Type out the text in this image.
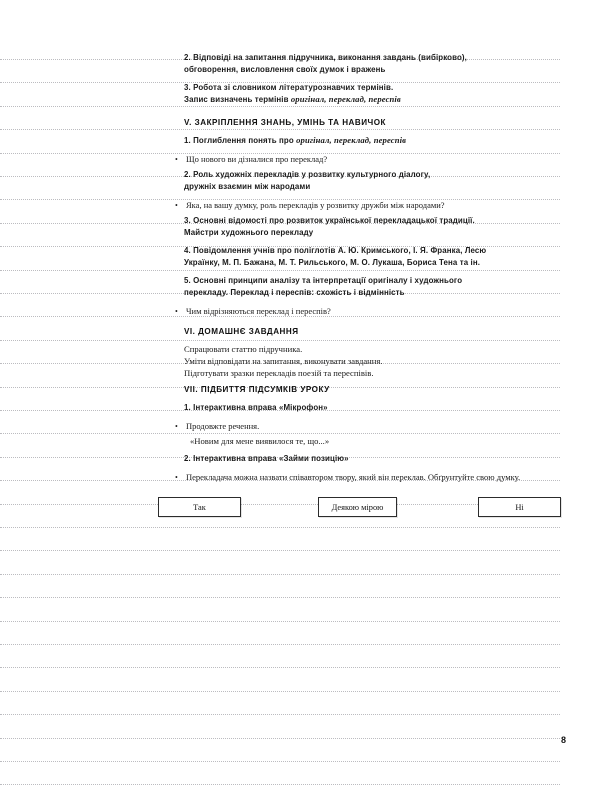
2. Відповіді на запитання підручника, виконання завдань (вибірково),
обговорення, висловлення своїх думок і вражень
3. Робота зі словником літературознавчих термінів.
Запис визначень термінів оригінал, переклад, переспів
V. ЗАКРІПЛЕННЯ ЗНАНЬ, УМІНЬ ТА НАВИЧОК
1. Поглиблення понять про оригінал, переклад, переспів
• Що нового ви дізналися про переклад?
2. Роль художніх перекладів у розвитку культурного діалогу,
дружніх взаємин між народами
• Яка, на вашу думку, роль перекладів у розвитку дружби між народами?
3. Основні відомості про розвиток української перекладацької традиції.
Майстри художнього перекладу
4. Повідомлення учнів про поліглотів А. Ю. Кримського, І. Я. Франка, Лесю
Українку, М. П. Бажана, М. Т. Рильського, М. О. Лукаша, Бориса Тена та ін.
5. Основні принципи аналізу та інтерпретації оригіналу і художнього
перекладу. Переклад і переспів: схожість і відмінність
• Чим відрізняються переклад і переспів?
VI. ДОМАШНЄ ЗАВДАННЯ
Спрацювати статтю підручника.
Уміти відповідати на запитання, виконувати завдання.
Підготувати зразки перекладів поезій та переспівів.
VII. ПІДБИТТЯ ПІДСУМКІВ УРОКУ
1. Інтерактивна вправа «Мікрофон»
• Продовжте речення.
«Новим для мене виявилося те, що...»
2. Інтерактивна вправа «Займи позицію»
• Перекладача можна назвати співавтором твору, який він переклав. Обґрунтуйте свою думку.
Так	Деякою мірою	Ні
8
